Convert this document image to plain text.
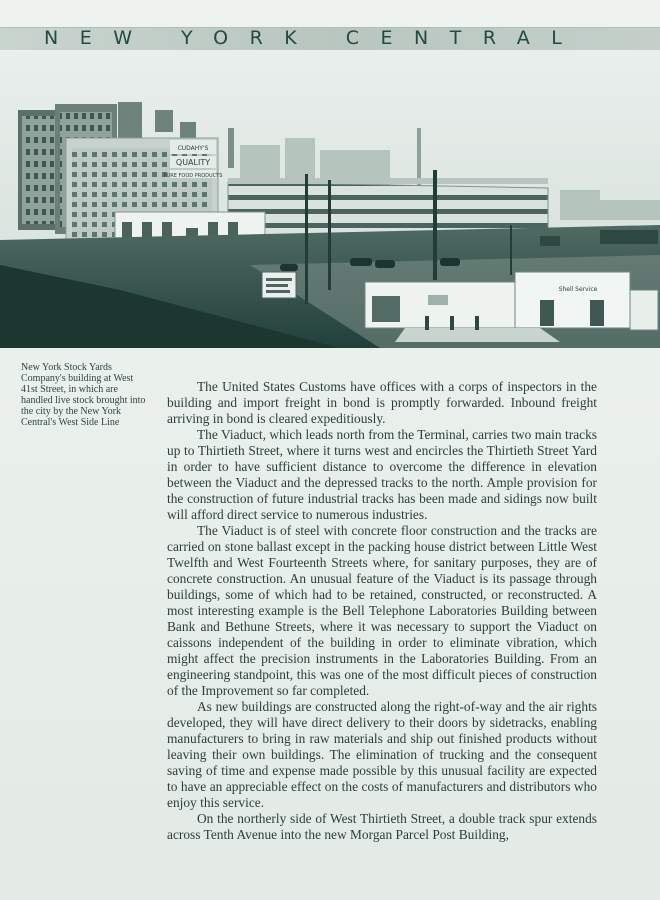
NEW YORK CENTRAL
CUDAHY'S
QUALITY
PURE FOOD PRODUCTS
Shell Service
New York Stock Yards Company's building at West 41st Street, in which are handled live stock brought into the city by the New York Central's West Side Line

The United States Customs have offices with a corps of inspectors in the building and import freight in bond is promptly forwarded. Inbound freight arriving in bond is cleared expeditiously.

The Viaduct, which leads north from the Terminal, carries two main tracks up to Thirtieth Street, where it turns west and encircles the Thirtieth Street Yard in order to have sufficient distance to overcome the difference in elevation between the Viaduct and the depressed tracks to the north. Ample provision for the construction of future industrial tracks has been made and sidings now built will afford direct service to numerous industries.

The Viaduct is of steel with concrete floor construction and the tracks are carried on stone ballast except in the packing house district between Little West Twelfth and West Fourteenth Streets where, for sanitary purposes, they are of concrete construction. An unusual feature of the Viaduct is its passage through buildings, some of which had to be retained, constructed, or reconstructed. A most interesting example is the Bell Telephone Laboratories Building between Bank and Bethune Streets, where it was necessary to support the Viaduct on caissons independent of the building in order to eliminate vibration, which might affect the precision instruments in the Laboratories Building. From an engineering standpoint, this was one of the most difficult pieces of construction of the Improvement so far completed.

As new buildings are constructed along the right-of-way and the air rights developed, they will have direct delivery to their doors by sidetracks, enabling manufacturers to bring in raw materials and ship out finished products without leaving their own buildings. The elimination of trucking and the consequent saving of time and expense made possible by this unusual facility are expected to have an appreciable effect on the costs of manufacturers and distributors who enjoy this service.

On the northerly side of West Thirtieth Street, a double track spur extends across Tenth Avenue into the new Morgan Parcel Post Building,
